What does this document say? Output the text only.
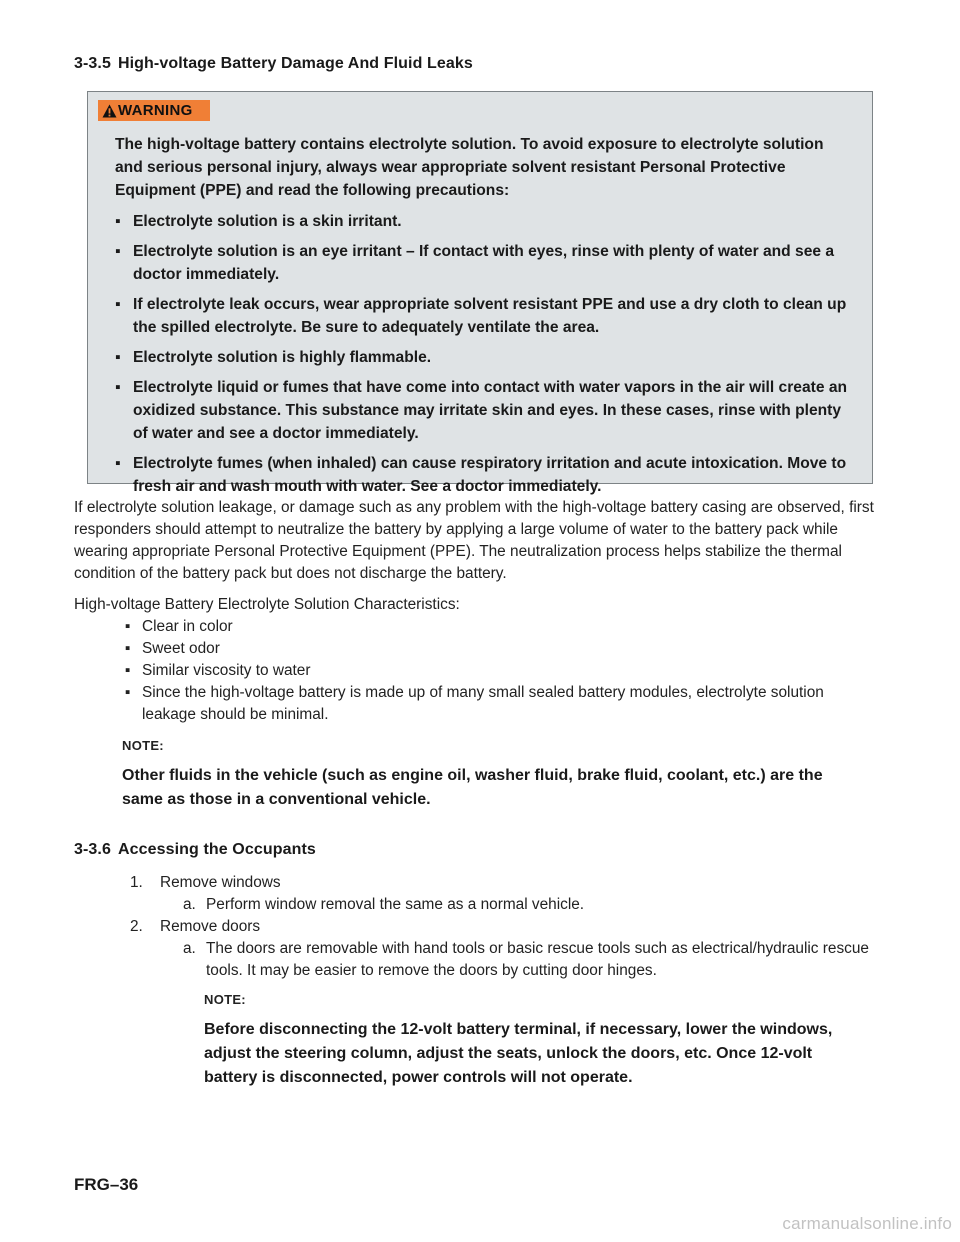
3-3.5 High-voltage Battery Damage And Fluid Leaks
WARNING

The high-voltage battery contains electrolyte solution. To avoid exposure to electrolyte solution and serious personal injury, always wear appropriate solvent resistant Personal Protective Equipment (PPE) and read the following precautions:

▪ Electrolyte solution is a skin irritant.
▪ Electrolyte solution is an eye irritant – If contact with eyes, rinse with plenty of water and see a doctor immediately.
▪ If electrolyte leak occurs, wear appropriate solvent resistant PPE and use a dry cloth to clean up the spilled electrolyte. Be sure to adequately ventilate the area.
▪ Electrolyte solution is highly flammable.
▪ Electrolyte liquid or fumes that have come into contact with water vapors in the air will create an oxidized substance. This substance may irritate skin and eyes. In these cases, rinse with plenty of water and see a doctor immediately.
▪ Electrolyte fumes (when inhaled) can cause respiratory irritation and acute intoxication. Move to fresh air and wash mouth with water. See a doctor immediately.

If electrolyte solution leakage, or damage such as any problem with the high-voltage battery casing are observed, first responders should attempt to neutralize the battery by applying a large volume of water to the battery pack while wearing appropriate Personal Protective Equipment (PPE). The neutralization process helps stabilize the thermal condition of the battery pack but does not discharge the battery.

High-voltage Battery Electrolyte Solution Characteristics:

▪ Clear in color
▪ Sweet odor
▪ Similar viscosity to water
▪ Since the high-voltage battery is made up of many small sealed battery modules, electrolyte solution leakage should be minimal.
NOTE:
Other fluids in the vehicle (such as engine oil, washer fluid, brake fluid, coolant, etc.) are the same as those in a conventional vehicle.
3-3.6 Accessing the Occupants
1. Remove windows
a. Perform window removal the same as a normal vehicle.
2. Remove doors
a. The doors are removable with hand tools or basic rescue tools such as electrical/hydraulic rescue tools. It may be easier to remove the doors by cutting door hinges.
NOTE:
Before disconnecting the 12-volt battery terminal, if necessary, lower the windows, adjust the steering column, adjust the seats, unlock the doors, etc. Once 12-volt battery is disconnected, power controls will not operate.
FRG–36
carmanualsonline.info
